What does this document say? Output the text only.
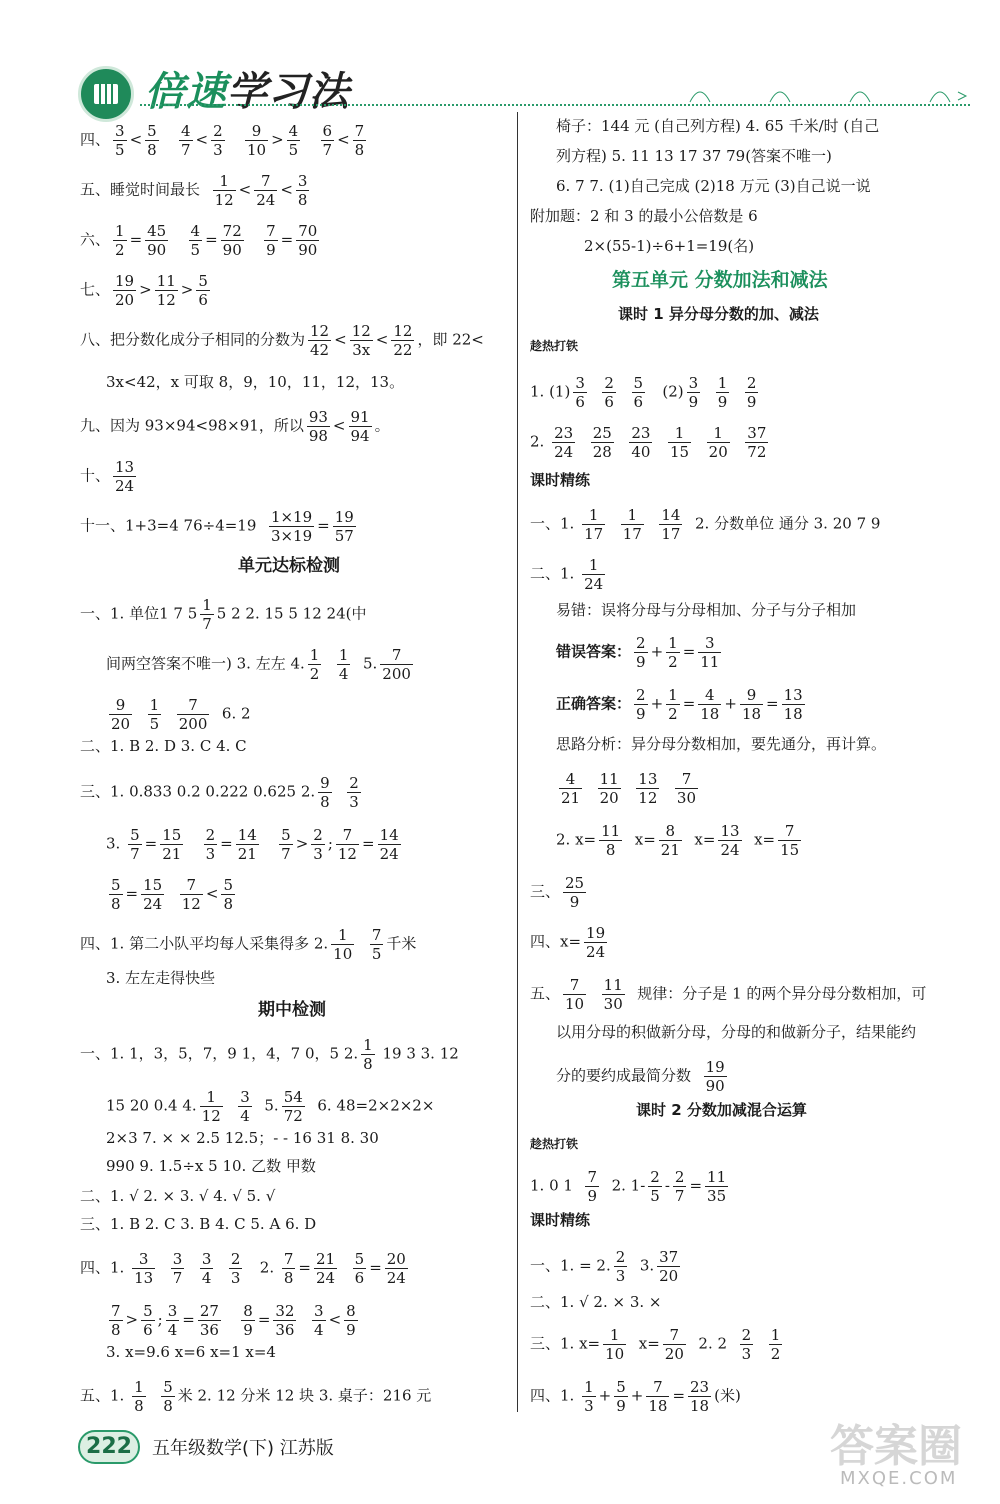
倍速学习法
四、 $\frac{3}{5} < \frac{5}{8}$
$\frac{4}{7} < \frac{2}{3}$
$\frac{9}{10} > \frac{4}{5}$
$\frac{6}{7} < \frac{7}{8}$
五、睡觉时间最长 $\frac{1}{12} < \frac{7}{24} < \frac{3}{8}$
六、 $\frac{1}{2} = \frac{45}{90}$
$\frac{4}{5} = \frac{72}{90}$
$\frac{7}{9} = \frac{70}{90}$
七、 $\frac{19}{20} > \frac{11}{12} > \frac{5}{6}$
八、把分数化成分子相同的分数为 $\frac{12}{42} < \frac{12}{3x} < \frac{12}{22}$ ，即 22<
3x<42，x 可取 8，9，10，11，12，13。
九、因为 93×94<98×91，所以 $\frac{93}{98} < \frac{91}{94}$ 。
十、 $\frac{13}{24}$
十一、1+3=4 $76\div 4=19 \frac{1\times 19}{3\times 19} = \frac{19}{57}$
单元达标检测
一、1. 单位1 7 $5 \frac{1}{7} 5$ 2 2. 15 5 12 24(中
间两空答案不唯一) 3. 左左 4. $\frac{1}{2}$
$\frac{1}{4} 5$. $\frac{7}{200}$
$\frac{9}{20}$
$\frac{1}{5}$
$\frac{7}{200} 6$. 2
二、1. B 2. D 3. C 4. C
三、1. 0.833 0.2 0.222 0.625 2. $\frac{9}{8}$
$\frac{2}{3}$
3. $\frac{5}{7} = \frac{15}{21}$
$\frac{2}{3} = \frac{14}{21}$
$\frac{5}{7} > \frac{2}{3}$ ; $\frac{7}{12} = \frac{14}{24}$
$\frac{5}{8} = \frac{15}{24}$
$\frac{7}{12} < \frac{5}{8}$
四、1. 第二小队平均每人采集得多 2. $\frac{1}{10}$
$\frac{7}{5}$ 千米
3. 左左走得快些
期中检测
一、1. 1，3，5，7，9 1，4，7 0，5 2. $\frac{1}{8} 19$ 3 3. 12
15 20 0.4 4. $\frac{1}{12}$
$\frac{3}{4} 5$. $\frac{54}{72} 6$. 48=2×2×2×
2×3 7. × × 2.5 12.5；- - 16 31 8. 30
990 9. 1.5÷x 5 10. 乙数 甲数
二、1. √ 2. × 3. √ 4. √ 5. √
三、1. B 2. C 3. B 4. C 5. A 6. D
四、1. $\frac{3}{13}$
$\frac{3}{7}$
$\frac{3}{4}$
$\frac{2}{3} 2$. $\frac{7}{8} = \frac{21}{24}$
$\frac{5}{6} = \frac{20}{24}$
$\frac{7}{8} > \frac{5}{6}$ ; $\frac{3}{4} = \frac{27}{36}$
$\frac{8}{9} = \frac{32}{36}$
$\frac{3}{4} < \frac{8}{9}$
3. x=9.6 x=6 x=1 x=4
五、1. $\frac{1}{8}$
$\frac{5}{8}$ 米 2. 12 分米 12 块 3. 桌子：216 元
椅子：144 元 (自己列方程) 4. 65 千米/时 (自己
列方程) 5. 11 13 17 37 79(答案不唯一)
6. 7 7. (1)自己完成 (2)18 万元 (3)自己说一说
附加题：2 和 3 的最小公倍数是 6
2×(55-1)÷6+1=19(名)
第五单元 分数加法和减法
课时 1 异分母分数的加、减法
趁热打铁
1. $(1) \frac{3}{6}$
$\frac{2}{6}$
$\frac{5}{6} (2) \frac{3}{9}$
$\frac{1}{9}$
$\frac{2}{9}$
2. $\frac{23}{24}$
$\frac{25}{28}$
$\frac{23}{40}$
$\frac{1}{15}$
$\frac{1}{20}$
$\frac{37}{72}$
课时精练
一、1. $\frac{1}{17}$
$\frac{1}{17}$
$\frac{14}{17} 2$. 分数单位 通分 3. 20 7 9
二、1. $\frac{1}{24}$
易错：误将分母与分母相加、分子与分子相加
错误答案： $\frac{2}{9} + \frac{1}{2} = \frac{3}{11}$
正确答案： $\frac{2}{9} + \frac{1}{2} = \frac{4}{18} + \frac{9}{18} = \frac{13}{18}$
思路分析：异分母分数相加，要先通分，再计算。
$\frac{4}{21}$
$\frac{11}{20}$
$\frac{13}{12}$
$\frac{7}{30}$
2. $x= \frac{11}{8} x= \frac{8}{21} x= \frac{13}{24} x= \frac{7}{15}$
三、 $\frac{25}{9}$
四、$x= \frac{19}{24}$
五、 $\frac{7}{10}$
$\frac{11}{30}$ 规律：分子是 1 的两个异分母分数相加，可
以用分母的积做新分母，分母的和做新分子，结果能约
分的要约成最简分数 $\frac{19}{90}$
课时 2 分数加减混合运算
趁热打铁
1. 0 $1 \frac{7}{9} 2$. $1- \frac{2}{5} - \frac{2}{7} = \frac{11}{35}$
课时精练
一、1. = 2. $\frac{2}{3} 3$. $\frac{37}{20}$
二、1. √ 2. × 3. ×
三、1. $x= \frac{1}{10} x= \frac{7}{20} 2$. $2 \frac{2}{3}$
$\frac{1}{2}$
四、1. $\frac{1}{3} + \frac{5}{9} + \frac{7}{18} = \frac{23}{18}$ (米)
222	五年级数学(下) 江苏版	答案圈
MXQE.COM
